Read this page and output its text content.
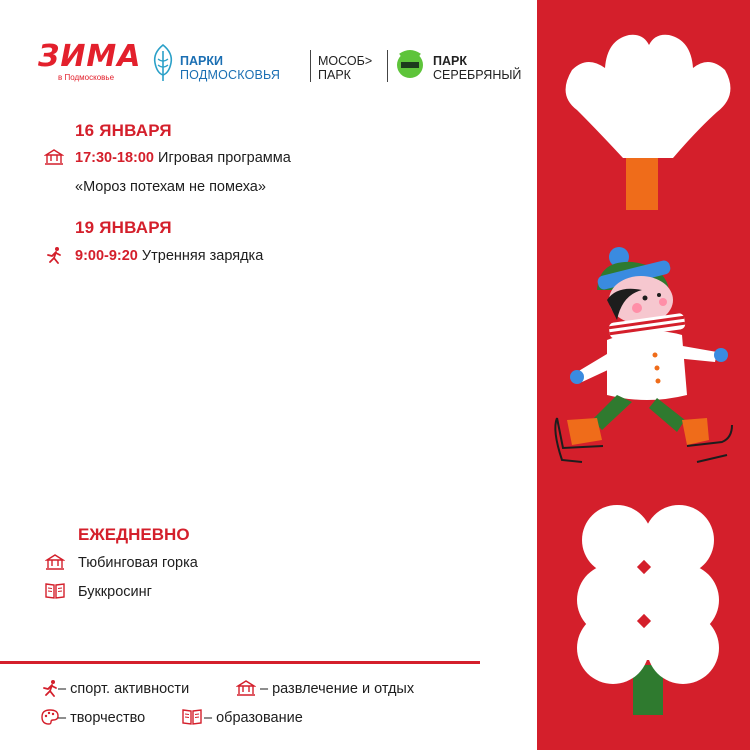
ЗИМА
в Подмосковье
ПАРКИ
ПОДМОСКОВЬЯ
МОСОБ>
ПАРК
ПАРК
СЕРЕБРЯНЫЙ
16 ЯНВАРЯ
17:30-18:00 Игровая программа
«Мороз потехам не помеха»
19 ЯНВАРЯ
9:00-9:20 Утренняя зарядка
ЕЖЕДНЕВНО
Тюбинговая горка
Буккросинг
– спорт. активности	– развлечение и отдых
– творчество	– образование
